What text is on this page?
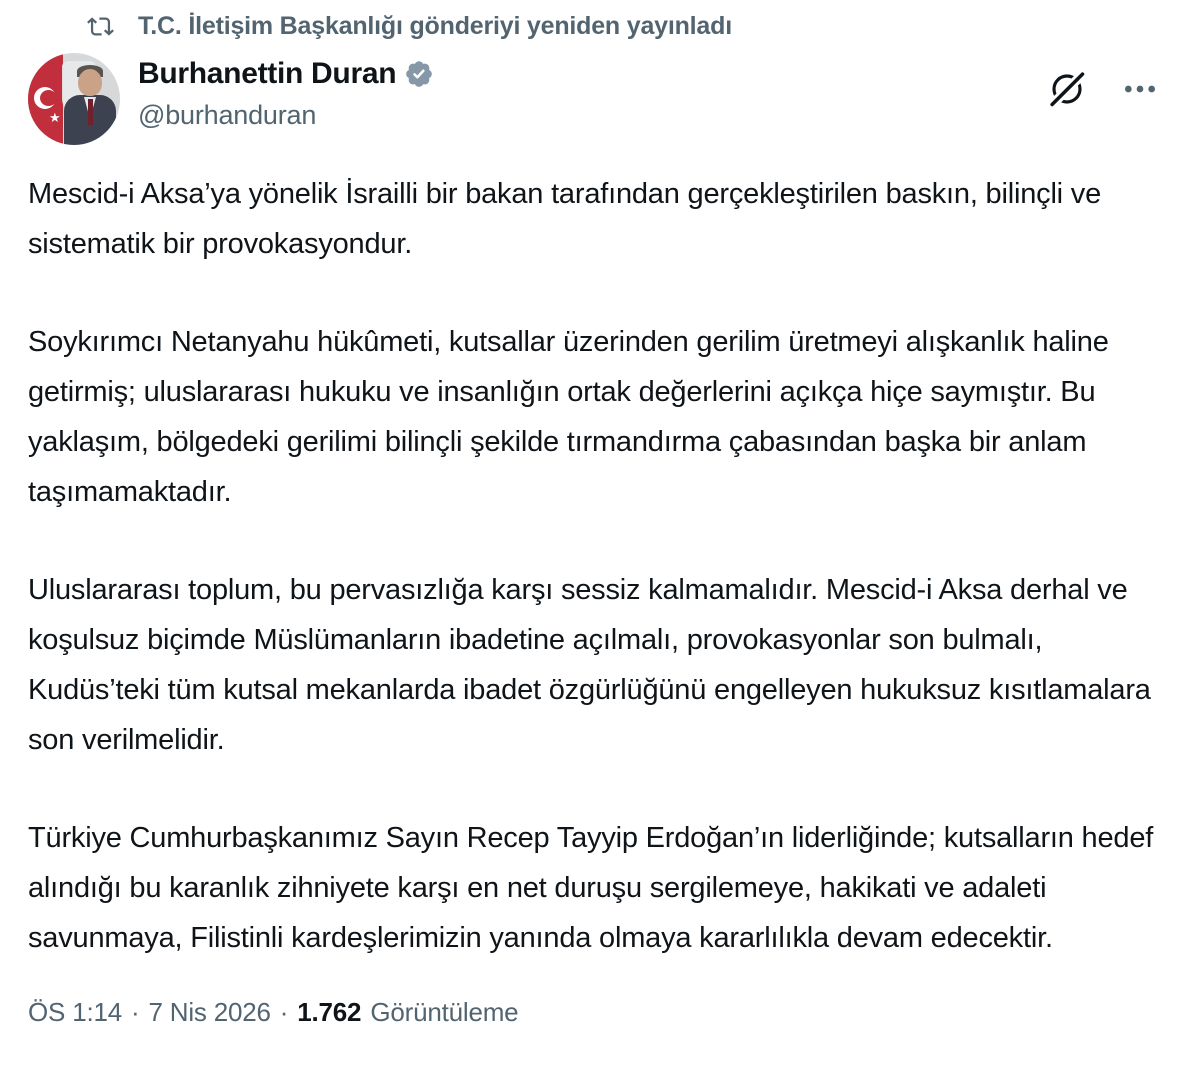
T.C. İletişim Başkanlığı gönderiyi yeniden yayınladı
★
Burhanettin Duran
@burhanduran

Mescid-i Aksa’ya yönelik İsrailli bir bakan tarafından gerçekleştirilen baskın, bilinçli ve sistematik bir provokasyondur.

Soykırımcı Netanyahu hükûmeti, kutsallar üzerinden gerilim üretmeyi alışkanlık haline getirmiş; uluslararası hukuku ve insanlığın ortak değerlerini açıkça hiçe saymıştır. Bu yaklaşım, bölgedeki gerilimi bilinçli şekilde tırmandırma çabasından başka bir anlam taşımamaktadır.

Uluslararası toplum, bu pervasızlığa karşı sessiz kalmamalıdır. Mescid-i Aksa derhal ve koşulsuz biçimde Müslümanların ibadetine açılmalı, provokasyonlar son bulmalı, Kudüs’teki tüm kutsal mekanlarda ibadet özgürlüğünü engelleyen hukuksuz kısıtlamalara son verilmelidir.

Türkiye Cumhurbaşkanımız Sayın Recep Tayyip Erdoğan’ın liderliğinde; kutsalların hedef alındığı bu karanlık zihniyete karşı en net duruşu sergilemeye, hakikati ve adaleti savunmaya, Filistinli kardeşlerimizin yanında olmaya kararlılıkla devam edecektir.

ÖS 1:14 · 7 Nis 2026 · 1.762 Görüntüleme
